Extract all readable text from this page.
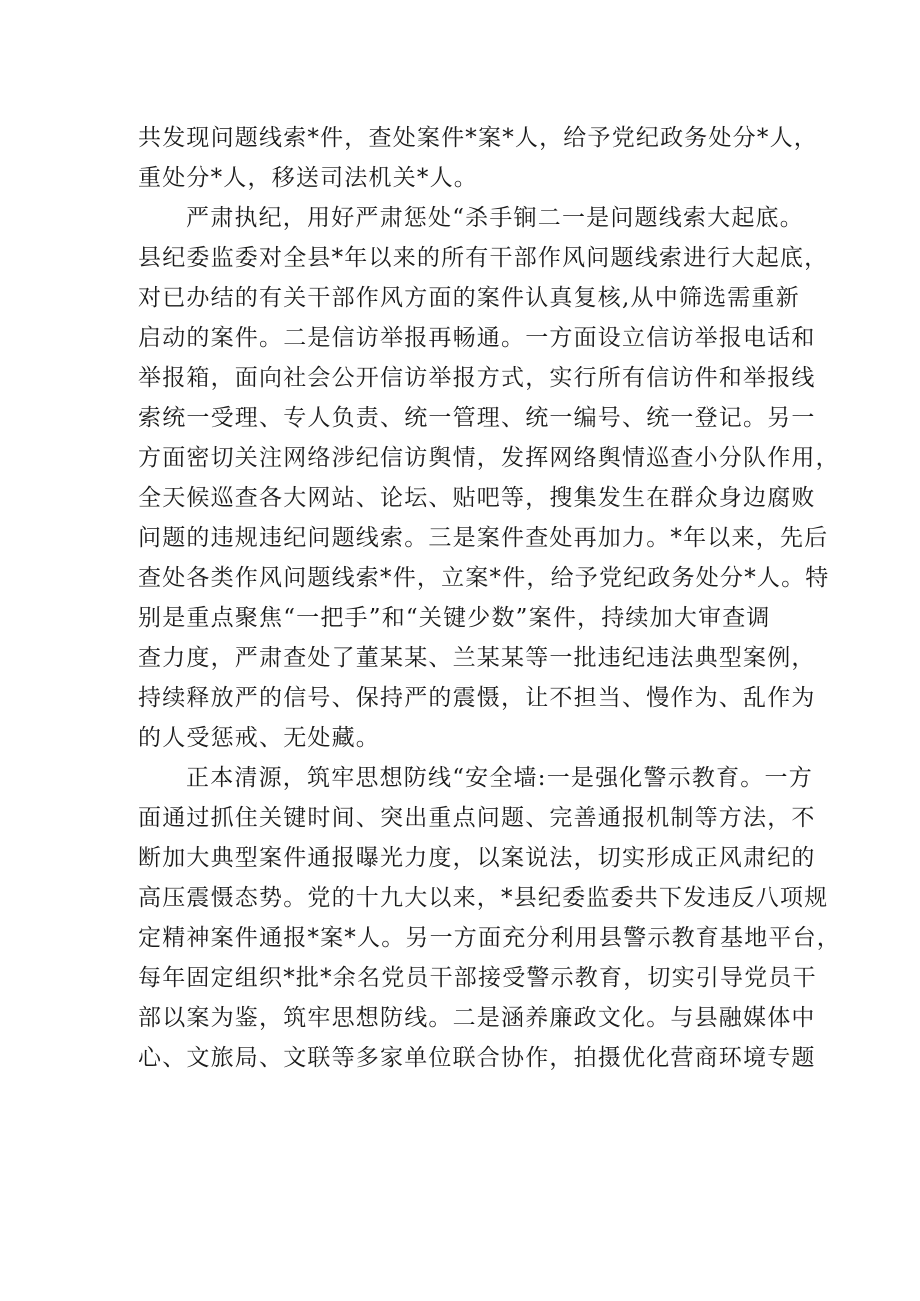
共发现问题线索*件，查处案件*案*人，给予党纪政务处分*人，
重处分*人，移送司法机关*人。
严肃执纪，用好严肃惩处“杀手锏二一是问题线索大起底。
县纪委监委对全县*年以来的所有干部作风问题线索进行大起底，
对已办结的有关干部作风方面的案件认真复核,从中筛选需重新
启动的案件。二是信访举报再畅通。一方面设立信访举报电话和
举报箱，面向社会公开信访举报方式，实行所有信访件和举报线
索统一受理、专人负责、统一管理、统一编号、统一登记。另一
方面密切关注网络涉纪信访舆情，发挥网络舆情巡查小分队作用，
全天候巡查各大网站、论坛、贴吧等，搜集发生在群众身边腐败
问题的违规违纪问题线索。三是案件查处再加力。*年以来，先后
查处各类作风问题线索*件，立案*件，给予党纪政务处分*人。特
别是重点聚焦“一把手”和“关键少数”案件，持续加大审查调
查力度，严肃查处了董某某、兰某某等一批违纪违法典型案例，
持续释放严的信号、保持严的震慑，让不担当、慢作为、乱作为
的人受惩戒、无处藏。
正本清源，筑牢思想防线“安全墙:一是强化警示教育。一方
面通过抓住关键时间、突出重点问题、完善通报机制等方法，不
断加大典型案件通报曝光力度，以案说法，切实形成正风肃纪的
高压震慑态势。党的十九大以来，*县纪委监委共下发违反八项规
定精神案件通报*案*人。另一方面充分利用县警示教育基地平台，
每年固定组织*批*余名党员干部接受警示教育，切实引导党员干
部以案为鉴，筑牢思想防线。二是涵养廉政文化。与县融媒体中
心、文旅局、文联等多家单位联合协作，拍摄优化营商环境专题
